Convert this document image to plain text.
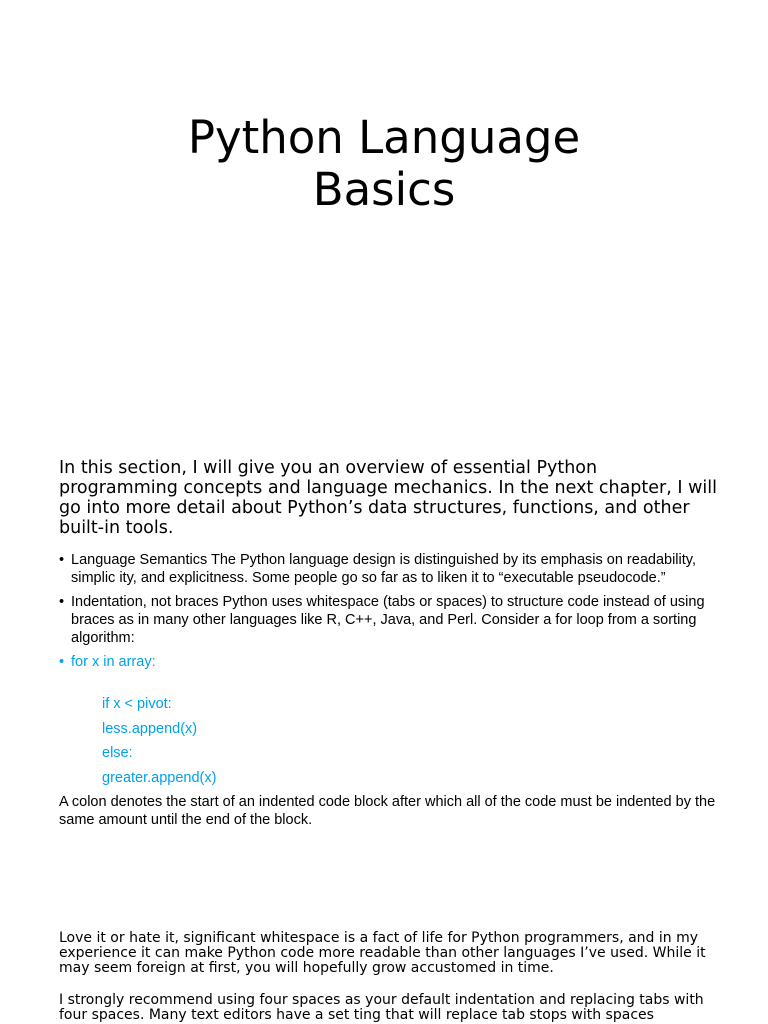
Python Language
Basics

In this section, I will give you an overview of essential Python programming concepts and language mechanics. In the next chapter, I will go into more detail about Python’s data structures, functions, and other built-in tools.

• Language Semantics The Python language design is distinguished by its emphasis on readability, simplic ity, and explicitness. Some people go so far as to liken it to “executable pseudocode.”
• Indentation, not braces Python uses whitespace (tabs or spaces) to structure code instead of using braces as in many other languages like R, C++, Java, and Perl. Consider a for loop from a sorting algorithm:
• for x in array:
if x < pivot:
less.append(x)
else:
greater.append(x)

A colon denotes the start of an indented code block after which all of the code must be indented by the same amount until the end of the block.

Love it or hate it, significant whitespace is a fact of life for Python programmers, and in my experience it can make Python code more readable than other languages I’ve used. While it may seem foreign at first, you will hopefully grow accustomed in time.

I strongly recommend using four spaces as your default indentation and replacing tabs with four spaces. Many text editors have a set ting that will replace tab stops with spaces
